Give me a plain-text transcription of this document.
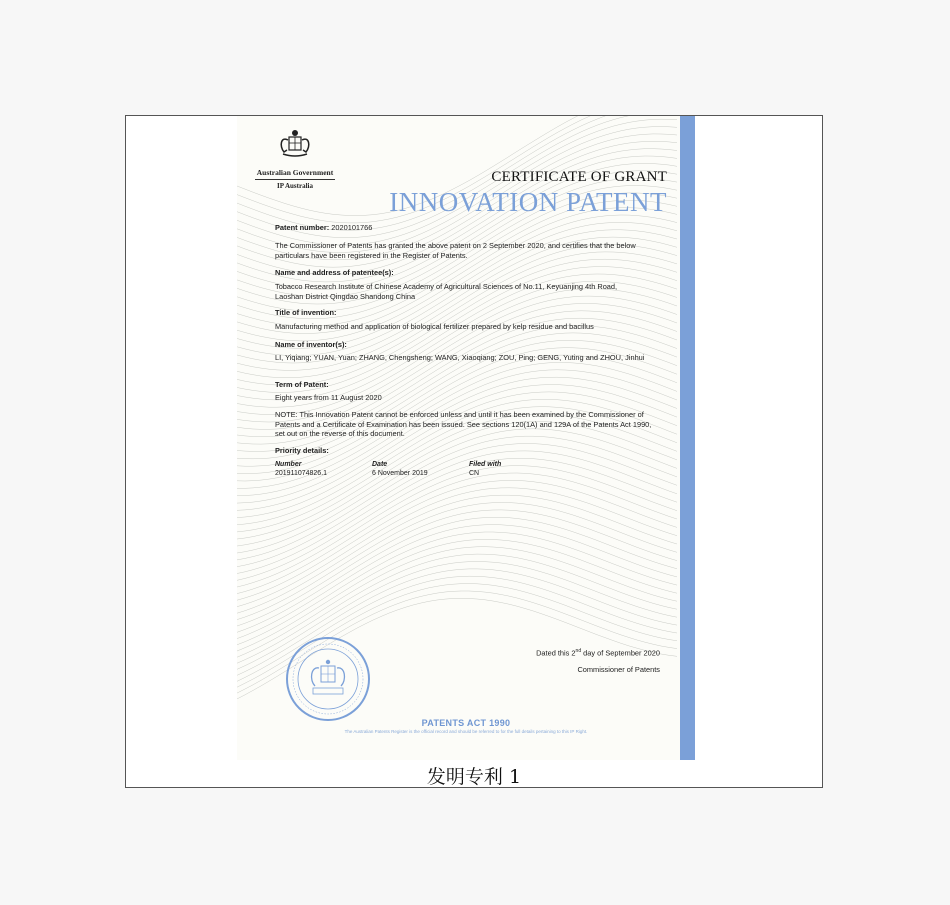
Australian Government
IP Australia
CERTIFICATE OF GRANT
INNOVATION PATENT
Patent number: 2020101766
The Commissioner of Patents has granted the above patent on 2 September 2020, and certifies that the below particulars have been registered in the Register of Patents.
Name and address of patentee(s):
Tobacco Research Institute of Chinese Academy of Agricultural Sciences of No.11, Keyuanjing 4th Road, Laoshan District Qingdao Shandong China
Title of invention:
Manufacturing method and application of biological fertilizer prepared by kelp residue and bacillus
Name of inventor(s):
LI, Yiqiang; YUAN, Yuan; ZHANG, Chengsheng; WANG, Xiaoqiang; ZOU, Ping; GENG, Yuting and ZHOU, Jinhui
Term of Patent:
Eight years from 11 August 2020
NOTE: This Innovation Patent cannot be enforced unless and until it has been examined by the Commissioner of Patents and a Certificate of Examination has been issued. See sections 120(1A) and 129A of the Patents Act 1990, set out on the reverse of this document.
Priority details:
Number
201911074826.1
Date
6 November 2019
Filed with
CN
Dated this 2nd day of September 2020
Commissioner of Patents
PATENTS ACT 1990
The Australian Patents Register is the official record and should be referred to for the full details pertaining to this IP Right.
发明专利 1
